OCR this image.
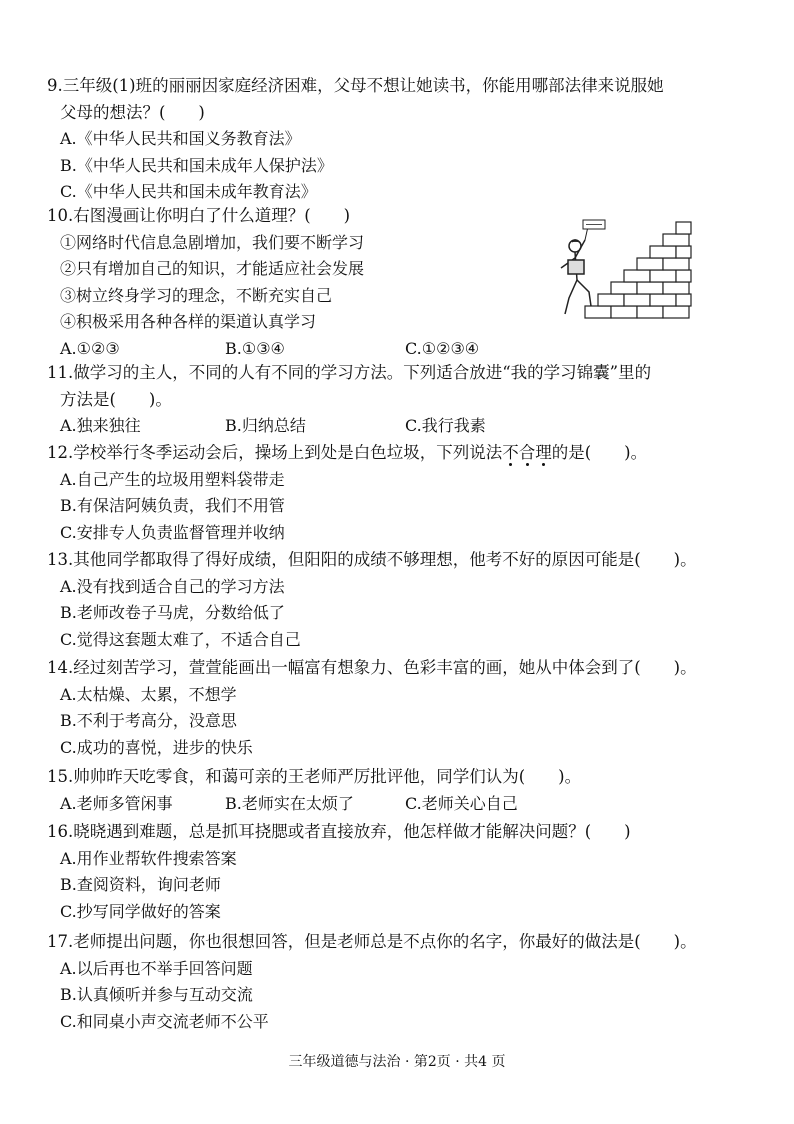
9.三年级(1)班的丽丽因家庭经济困难，父母不想让她读书，你能用哪部法律来说服她
父母的想法？(　　)
A.《中华人民共和国义务教育法》
B.《中华人民共和国未成年人保护法》
C.《中华人民共和国未成年教育法》
10.右图漫画让你明白了什么道理？(　　)
①网络时代信息急剧增加，我们要不断学习
②只有增加自己的知识，才能适应社会发展
③树立终身学习的理念，不断充实自己
④积极采用各种各样的渠道认真学习
A.①②③	B.①③④	C.①②③④
11.做学习的主人，不同的人有不同的学习方法。下列适合放进“我的学习锦囊”里的
方法是(　　)。
A.独来独往	B.归纳总结	C.我行我素
12.学校举行冬季运动会后，操场上到处是白色垃圾，下列说法不合理的是(　　)。
A.自己产生的垃圾用塑料袋带走
B.有保洁阿姨负责，我们不用管
C.安排专人负责监督管理并收纳
13.其他同学都取得了得好成绩，但阳阳的成绩不够理想，他考不好的原因可能是(　　)。
A.没有找到适合自己的学习方法
B.老师改卷子马虎，分数给低了
C.觉得这套题太难了，不适合自己
14.经过刻苦学习，萱萱能画出一幅富有想象力、色彩丰富的画，她从中体会到了(　　)。
A.太枯燥、太累，不想学
B.不利于考高分，没意思
C.成功的喜悦，进步的快乐
15.帅帅昨天吃零食，和蔼可亲的王老师严厉批评他，同学们认为(　　)。
A.老师多管闲事	B.老师实在太烦了	C.老师关心自己
16.晓晓遇到难题，总是抓耳挠腮或者直接放弃，他怎样做才能解决问题？(　　)
A.用作业帮软件搜索答案
B.查阅资料，询问老师
C.抄写同学做好的答案
17.老师提出问题，你也很想回答，但是老师总是不点你的名字，你最好的做法是(　　)。
A.以后再也不举手回答问题
B.认真倾听并参与互动交流
C.和同桌小声交流老师不公平
三年级道德与法治 · 第2页 · 共4 页
